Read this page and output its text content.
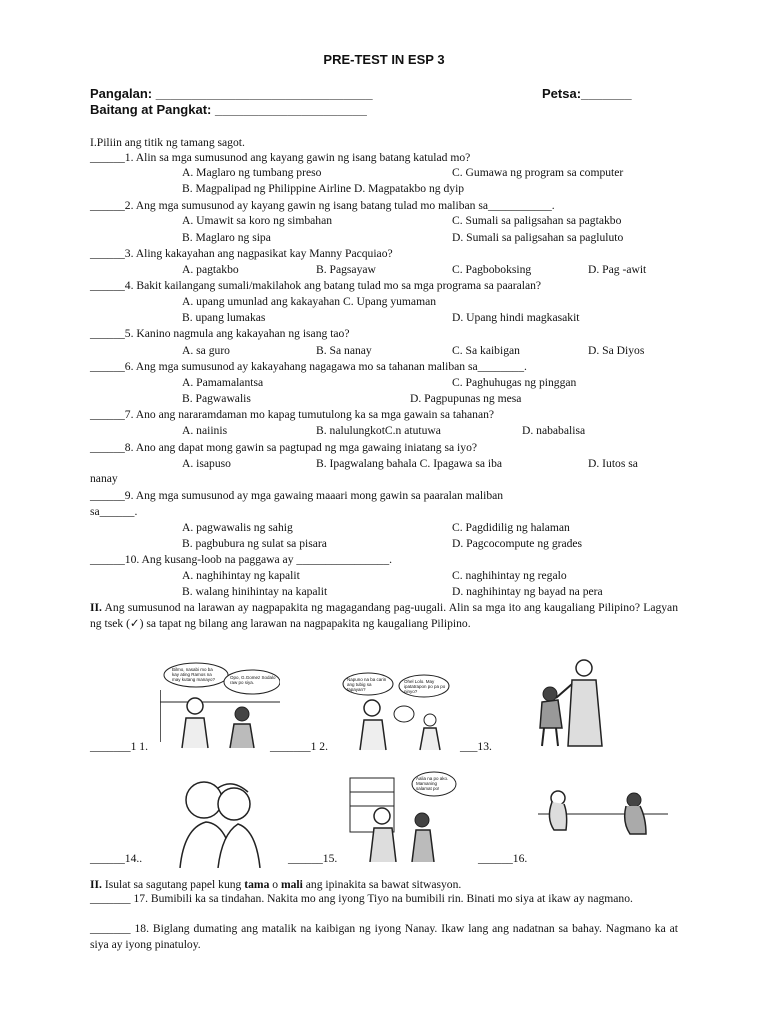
PRE-TEST IN ESP 3
Pangalan: ______________________________	Petsa:_______
Baitang at Pangkat: _____________________
I.Piliin ang titik ng tamang sagot.
______1. Alin sa mga sumusunod ang kayang gawin ng isang batang katulad mo?
A. Maglaro ng tumbang preso	C. Gumawa ng program sa computer
B. Magpalipad ng Philippine Airline D. Magpatakbo ng dyip
______2. Ang mga sumusunod ay kayang gawin ng isang batang tulad mo maliban sa___________.
A. Umawit sa koro ng simbahan	C. Sumali sa paligsahan sa pagtakbo
B. Maglaro ng sipa	D. Sumali sa paligsahan sa pagluluto
______3. Aling kakayahan ang nagpasikat kay Manny Pacquiao?
A. pagtakbo	B. Pagsayaw	C. Pagboboksing	D. Pag -awit
______4. Bakit kailangang sumali/makilahok ang batang tulad mo sa mga programa sa paaralan?
A. upang umunlad ang kakayahan C. Upang yumaman
B. upang lumakas	D. Upang hindi magkasakit
______5. Kanino nagmula ang kakayahan ng isang tao?
A. sa guro	B. Sa nanay	C. Sa kaibigan	D. Sa Diyos
______6. Ang mga sumusunod ay kakayahang nagagawa mo sa tahanan maliban sa________.
A. Pamamalantsa	C. Paghuhugas ng pinggan
B. Pagwawalis	D. Pagpupunas ng mesa
______7. Ano ang nararamdaman mo kapag tumutulong ka sa mga gawain sa tahanan?
A. naiinis	B. nalulungkotC.n atutuwa	D. nababalisa
______8. Ano ang dapat mong gawin sa pagtupad ng mga gawaing iniatang sa iyo?
A. isapuso	B. Ipagwalang bahala C. Ipagawa sa iba	D. Iutos sa
nanay
______9. Ang mga sumusunod ay mga gawaing maaari mong gawin sa paaralan maliban
sa______.
A. pagwawalis ng sahig	C. Pagdidilig ng halaman
B. pagbubura ng sulat sa pisara	D. Pagcocompute ng grades
______10. Ang kusang-loob na paggawa ay ________________.
A. naghihintay ng kapalit	C. naghihintay ng regalo
B. walang hinihintay na kapalit	D. naghihintay ng bayad na pera
II. Ang sumusunod na larawan ay nagpapakita ng magagandang pag-uugali. Alin sa mga ito ang kaugaliang Pilipino? Lagyan ng tsek (✓) sa tapat ng bilang ang larawan na nagpapakita ng kaugaliang Pilipino.
Bilmo, nasabi mo ba kay ating Ramos na may kutang manayo?	Opo, G.Gomez Sodalo raw po siya.
Napuno na ba carin ang tubig sa tapayan?
Ohel Lolo. May ipatatrapon po pa po ninyo?
_______1 1.	_______1 2.	___13.
Aalia na po ako. Mamaning salamat po!
______14..	______15.	______16.
II. Isulat sa sagutang papel kung tama o mali ang ipinakita sa bawat sitwasyon.
_______ 17. Bumibili ka sa tindahan. Nakita mo ang iyong Tiyo na bumibili rin. Binati mo siya at ikaw ay nagmano.
_______ 18. Biglang dumating ang matalik na kaibigan ng iyong Nanay. Ikaw lang ang nadatnan sa bahay. Nagmano ka at siya ay iyong pinatuloy.
